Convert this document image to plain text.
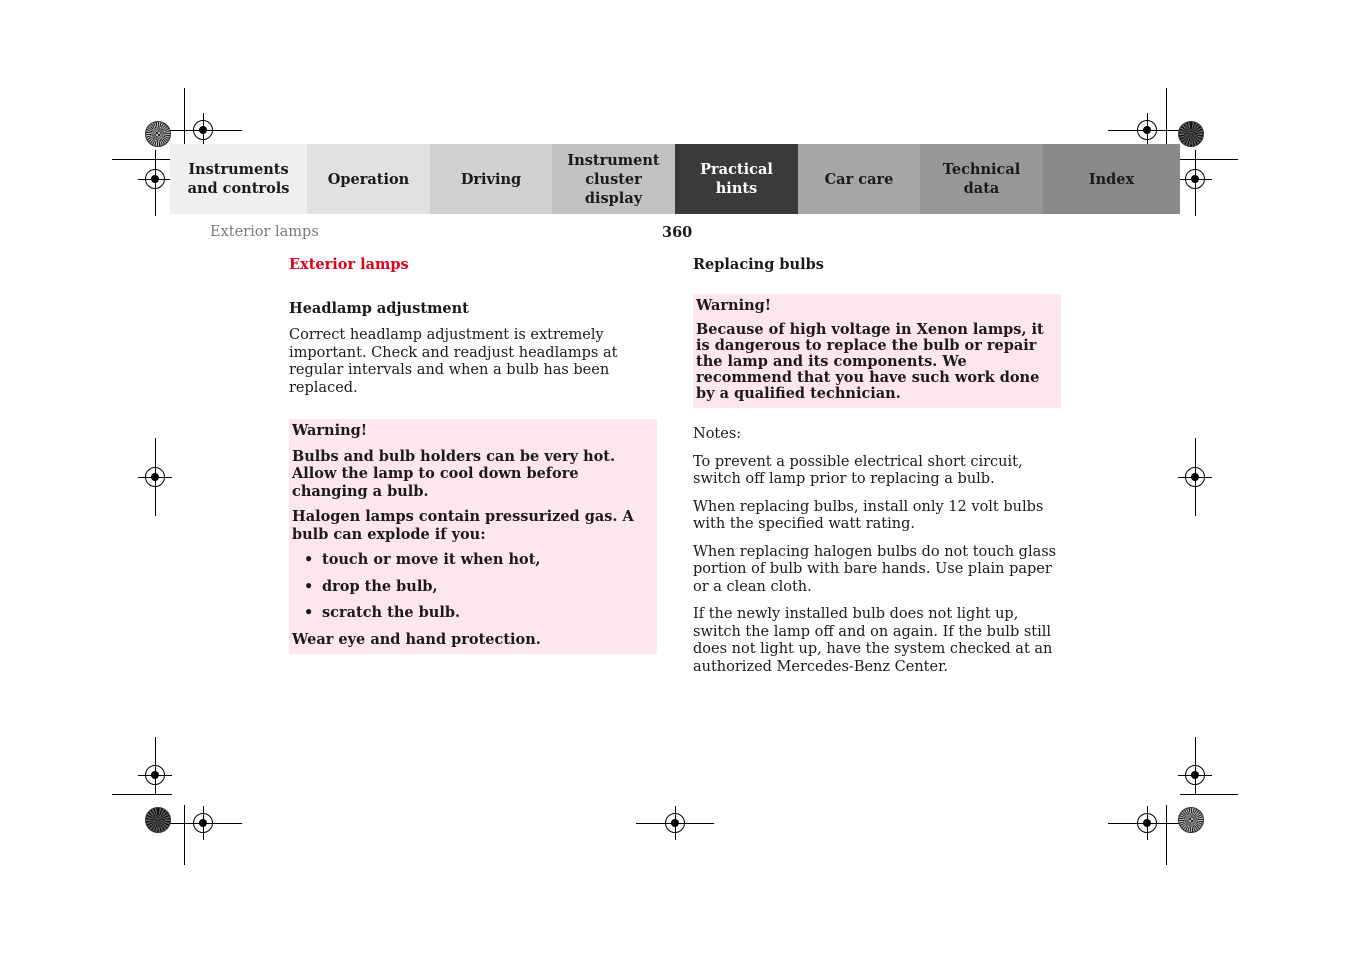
Instruments
and controls
Operation	Driving
Instrument
cluster display
Practical hints
Car care
Technical
data
Index
Exterior lamps	360

Exterior lamps

Headlamp adjustment

Correct headlamp adjustment is extremely important. Check and readjust headlamps at regular intervals and when a bulb has been replaced.

Warning!

Bulbs and bulb holders can be very hot. Allow the lamp to cool down before changing a bulb.

Halogen lamps contain pressurized gas. A bulb can explode if you:

• touch or move it when hot,
• drop the bulb,
• scratch the bulb.

Wear eye and hand protection.

Replacing bulbs

Warning!

Because of high voltage in Xenon lamps, it is dangerous to replace the bulb or repair the lamp and its components. We recommend that you have such work done by a qualified technician.

Notes:

To prevent a possible electrical short circuit, switch off lamp prior to replacing a bulb.

When replacing bulbs, install only 12 volt bulbs with the specified watt rating.

When replacing halogen bulbs do not touch glass portion of bulb with bare hands. Use plain paper or a clean cloth.

If the newly installed bulb does not light up, switch the lamp off and on again. If the bulb still does not light up, have the system checked at an authorized Mercedes-Benz Center.
